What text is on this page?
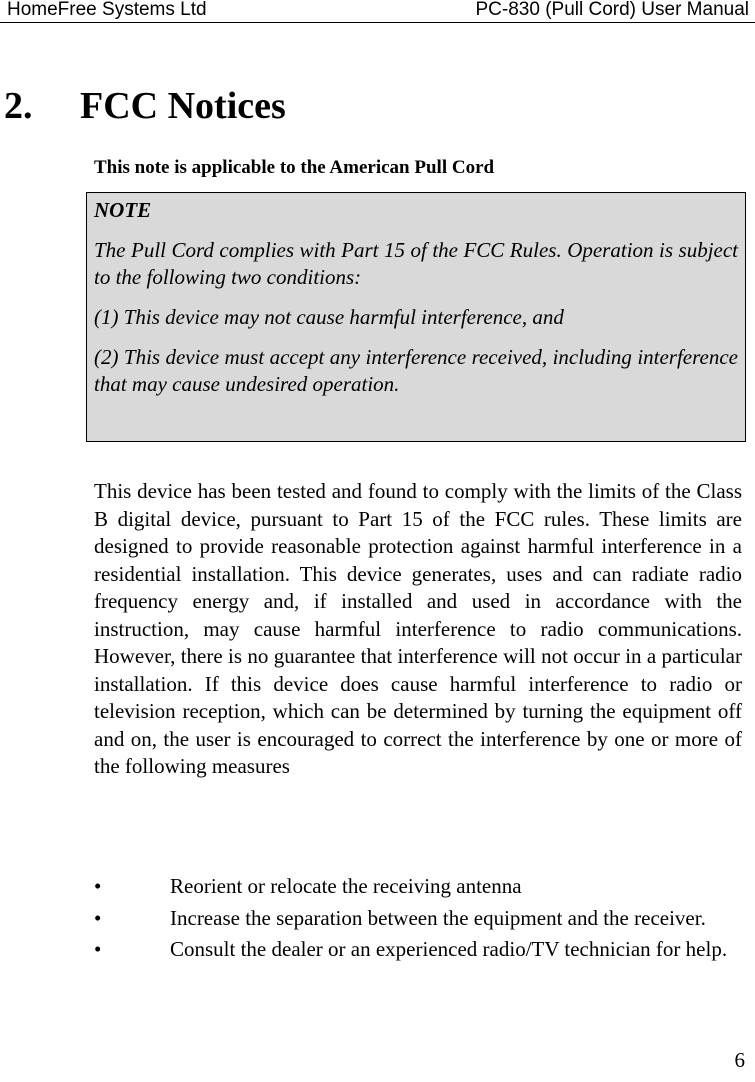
HomeFree Systems Ltd	PC-830 (Pull Cord) User Manual
2. FCC Notices
This note is applicable to the American Pull Cord

NOTE

The Pull Cord complies with Part 15 of the FCC Rules. Operation is subject to the following two conditions:

(1) This device may not cause harmful interference, and

(2) This device must accept any interference received, including interference that may cause undesired operation.

This device has been tested and found to comply with the limits of the Class B digital device, pursuant to Part 15 of the FCC rules. These limits are designed to provide reasonable protection against harmful interference in a residential installation. This device generates, uses and can radiate radio frequency energy and, if installed and used in accordance with the instruction, may cause harmful interference to radio communications. However, there is no guarantee that interference will not occur in a particular installation. If this device does cause harmful interference to radio or television reception, which can be determined by turning the equipment off and on, the user is encouraged to correct the interference by one or more of the following measures

•	Reorient or relocate the receiving antenna
•	Increase the separation between the equipment and the receiver.
•	Consult the dealer or an experienced radio/TV technician for help.
6
